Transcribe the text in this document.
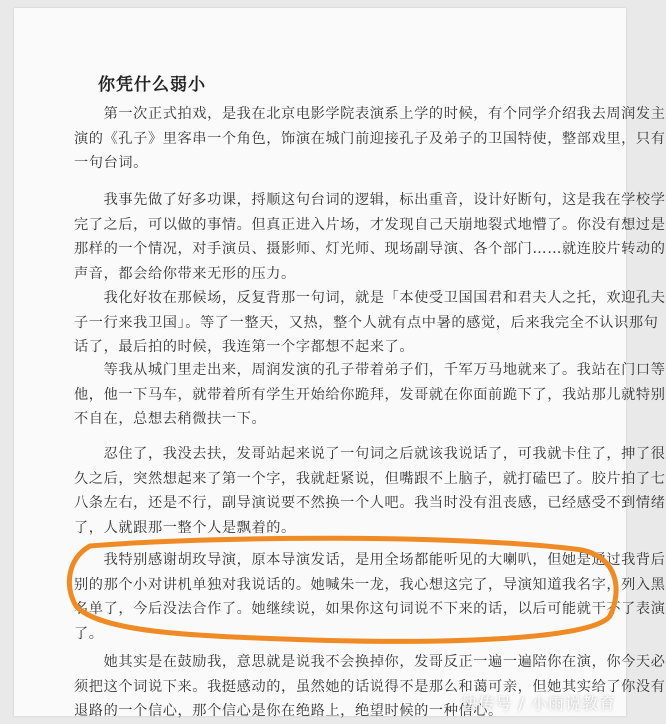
你凭什么弱小
　　第一次正式拍戏，是我在北京电影学院表演系上学的时候，有个同学介绍我去周润发主
演的《孔子》里客串一个角色，饰演在城门前迎接孔子及弟子的卫国特使，整部戏里，只有
一句台词。
　　我事先做了好多功课，捋顺这句台词的逻辑，标出重音，设计好断句，这是我在学校学
完了之后，可以做的事情。但真正进入片场，才发现自己天崩地裂式地懵了。你没有想过是
那样的一个情况，对手演员、摄影师、灯光师、现场副导演、各个部门……就连胶片转动的
声音，都会给你带来无形的压力。
　　我化好妆在那候场，反复背那一句词，就是「本使受卫国国君和君夫人之托，欢迎孔夫
子一行来我卫国」。等了一整天，又热，整个人就有点中暑的感觉，后来我完全不认识那句
话了，最后拍的时候，我连第一个字都想不起来了。
　　等我从城门里走出来，周润发演的孔子带着弟子们，千军万马地就来了。我站在门口等
他，他一下马车，就带着所有学生开始给你跪拜，发哥就在你面前跪下了，我站那儿就特别
不自在，总想去稍微扶一下。
　　忍住了，我没去扶，发哥站起来说了一句词之后就该我说话了，可我就卡住了，抻了很
久之后，突然想起来了第一个字，我就赶紧说，但嘴跟不上脑子，就打磕巴了。胶片拍了七
八条左右，还是不行，副导演说要不然换一个人吧。我当时没有沮丧感，已经感受不到情绪
了，人就跟那一整个人是飘着的。
　　我特别感谢胡玫导演，原本导演发话，是用全场都能听见的大喇叭，但她是通过我背后
别的那个小对讲机单独对我说话的。她喊朱一龙，我心想这完了，导演知道我名字，列入黑
名单了，今后没法合作了。她继续说，如果你这句词说不下来的话，以后可能就干不了表演
了。
　　她其实是在鼓励我，意思就是说我不会换掉你，发哥反正一遍一遍陪你在演，你今天必
须把这个词说下来。我挺感动的，虽然她的话说得不是那么和蔼可亲，但她其实给了你没有
退路的一个信心，那个信心是你在绝路上，绝望时候的一种信心。
快传号 / 小雨说教育
